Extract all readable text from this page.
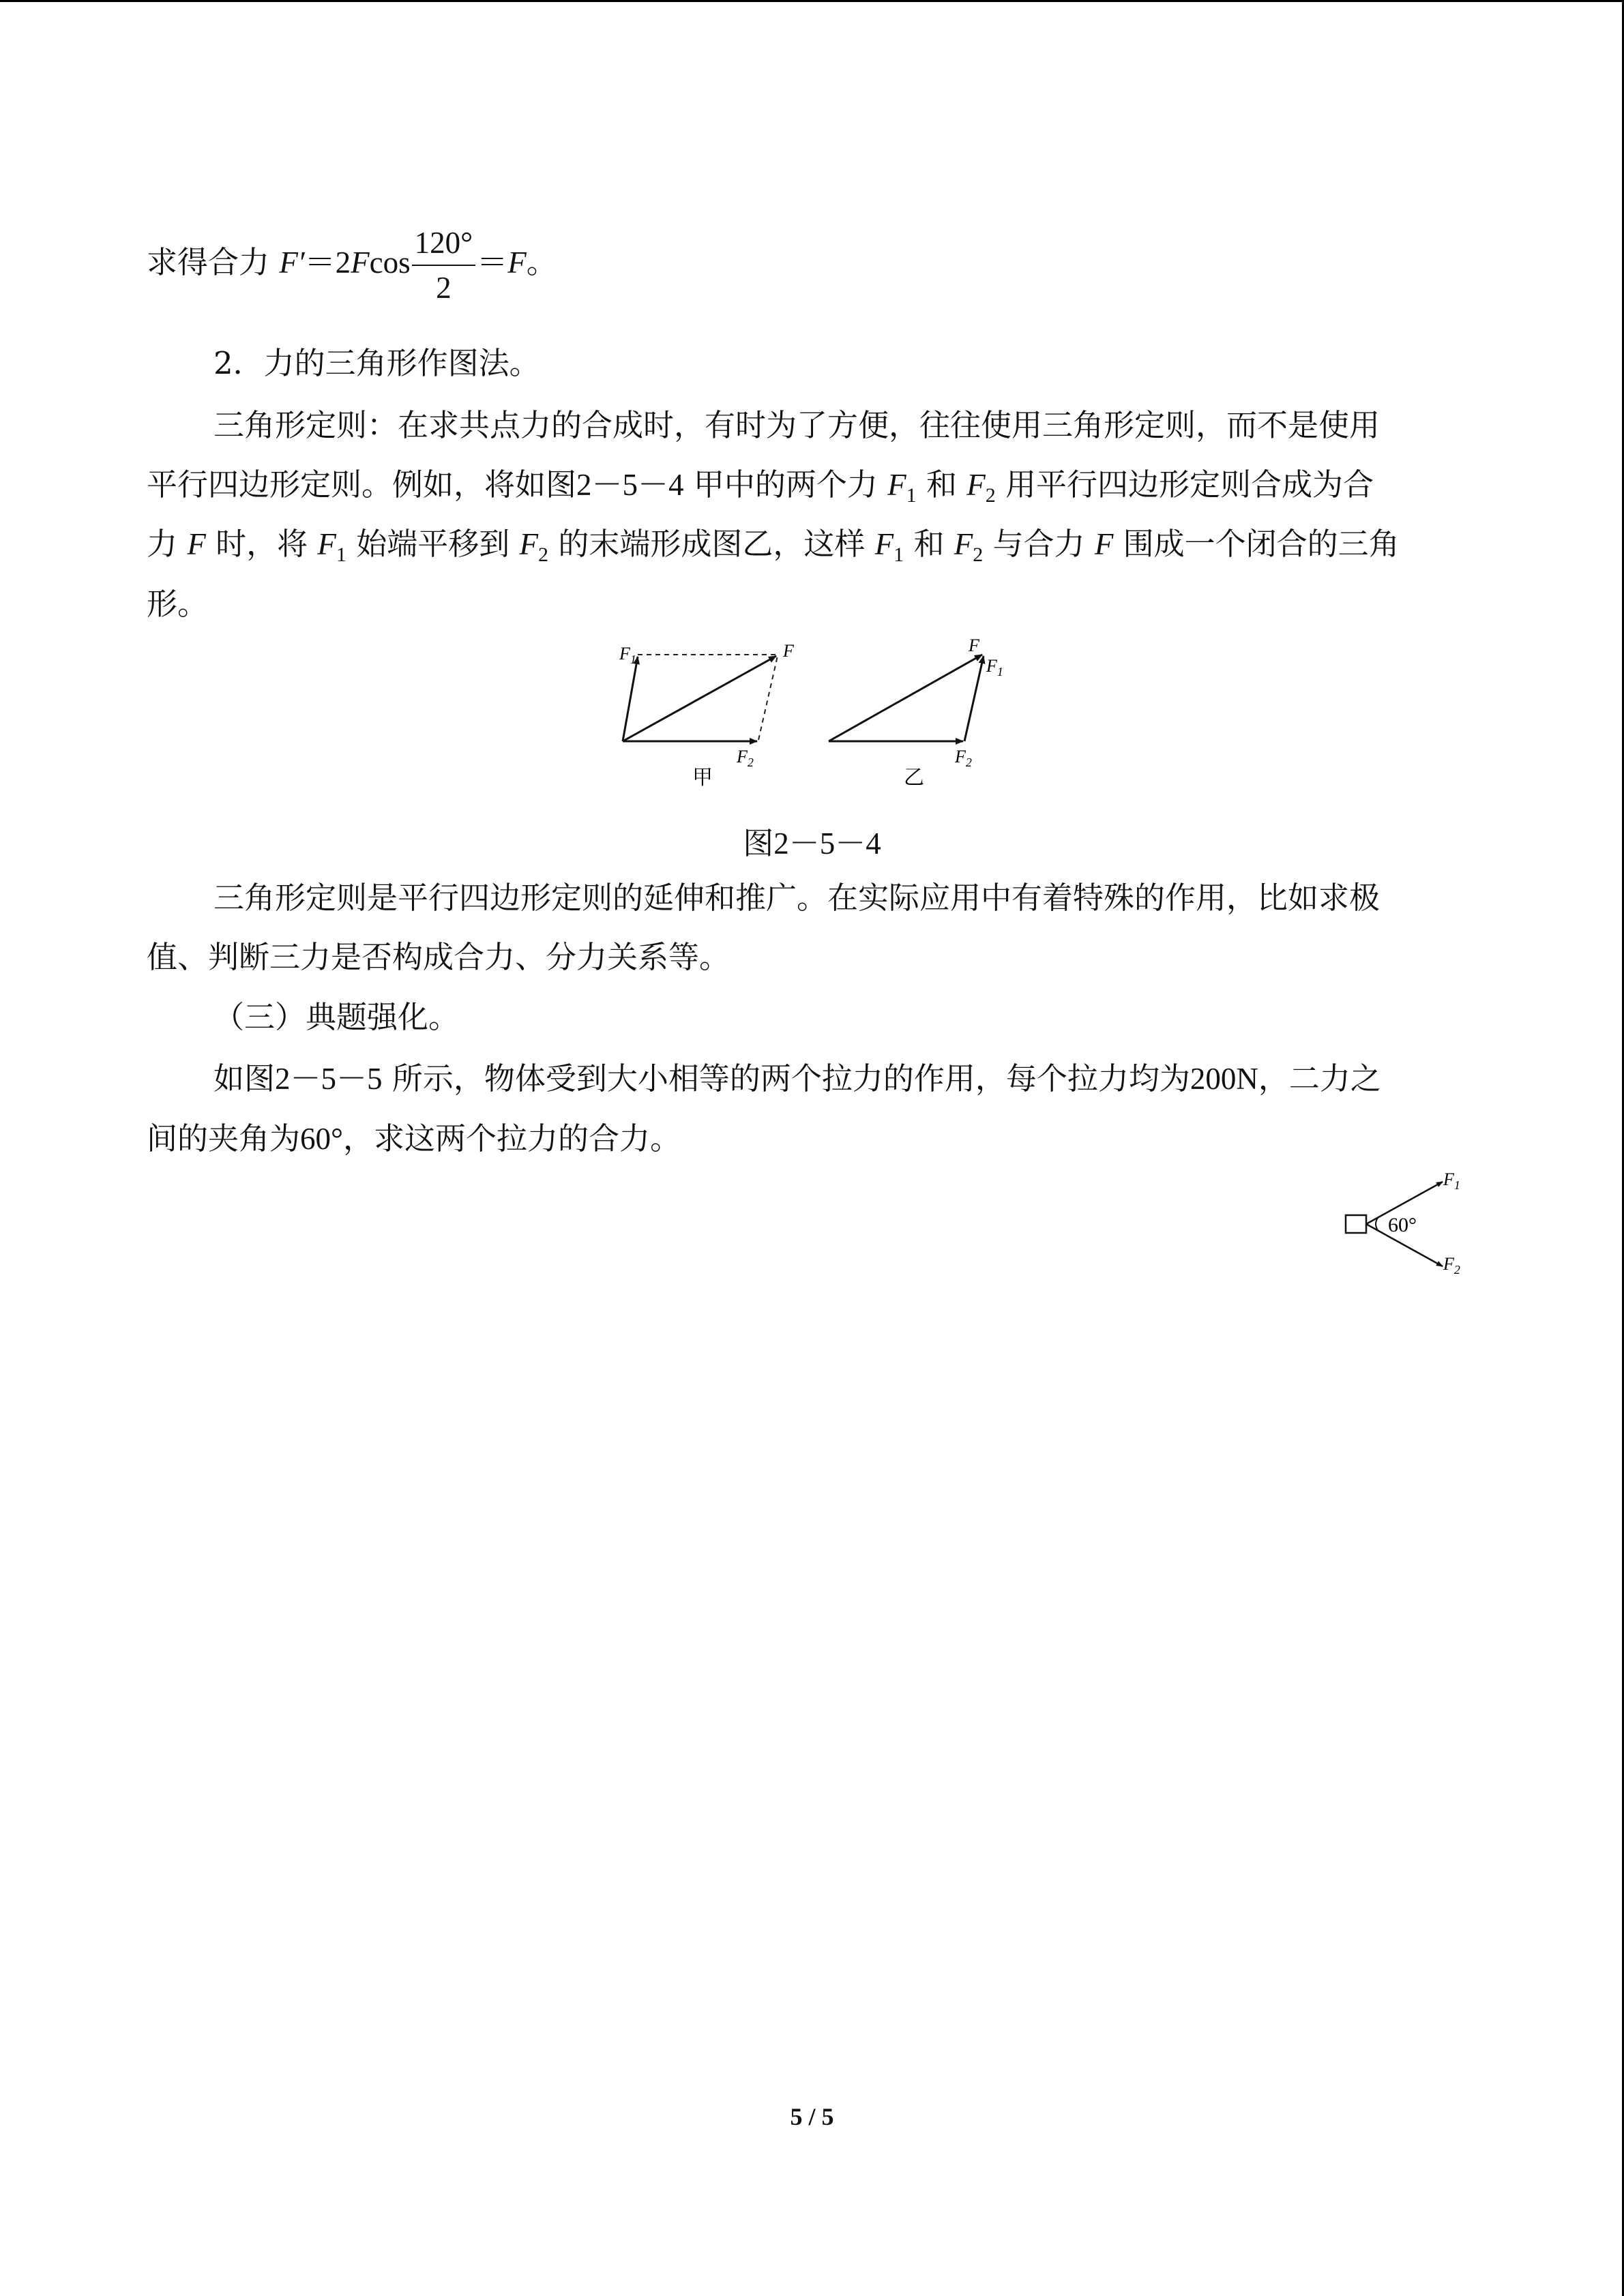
求得合力 $F'=2Fcos \frac{120^\circ}{2} =F$。
2．力的三角形作图法。
三角形定则：在求共点力的合成时，有时为了方便，往往使用三角形定则，而不是使用
平行四边形定则。例如，将如图2－5－4 甲中的两个力 $F_1$ 和 $F_2$ 用平行四边形定则合成为合
力 F 时，将 $F_1$ 始端平移到 $F_2$ 的末端形成图乙，这样 $F_1$ 和 $F_2$ 与合力 F 围成一个闭合的三角
形。
$F_1$	F
$F_2$
甲
F
$F_1$
$F_2$
乙
图2－5－4
三角形定则是平行四边形定则的延伸和推广。在实际应用中有着特殊的作用，比如求极
值、判断三力是否构成合力、分力关系等。
（三）典题强化。
如图2－5－5 所示，物体受到大小相等的两个拉力的作用，每个拉力均为200N，二力之
间的夹角为60°，求这两个拉力的合力。
60°
$F_1$
$F_2$
5 / 5
